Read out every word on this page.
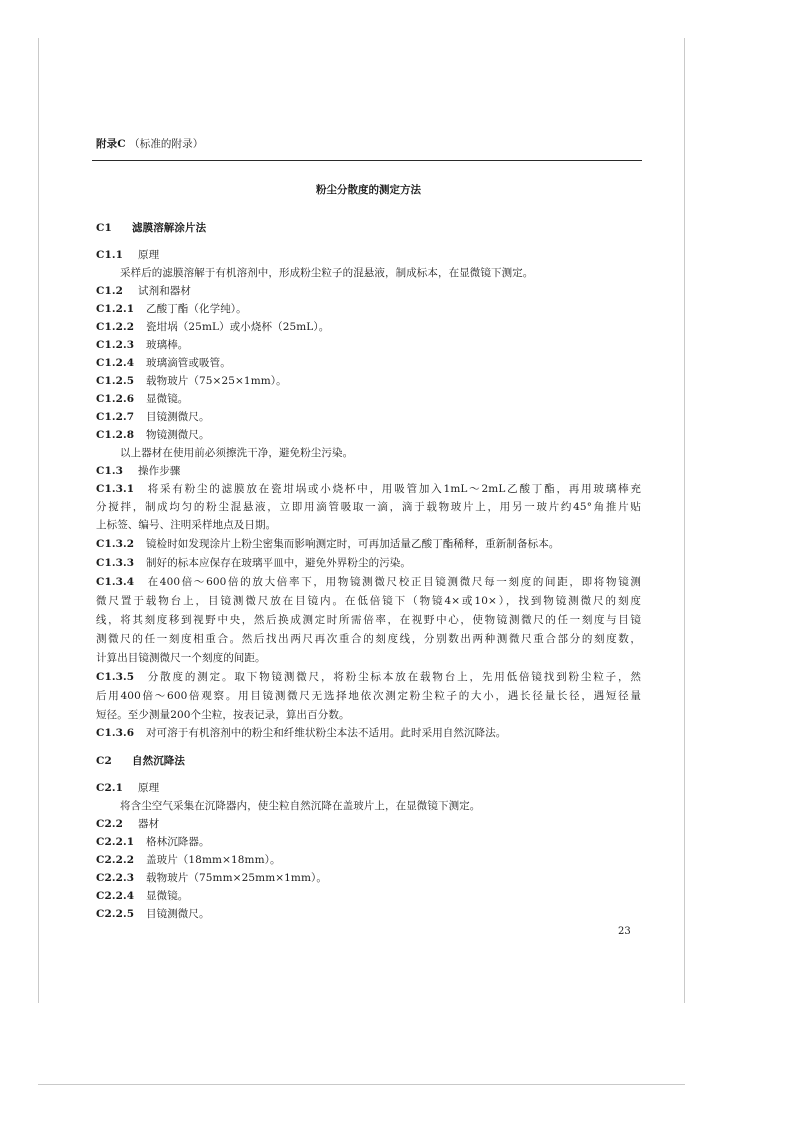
附录C （标准的附录）
粉尘分散度的测定方法
C1 滤膜溶解涂片法
C1.1 原理
采样后的滤膜溶解于有机溶剂中，形成粉尘粒子的混悬液，制成标本，在显微镜下测定。
C1.2 试剂和器材
C1.2.1 乙酸丁酯（化学纯）。
C1.2.2 瓷坩埚（25mL）或小烧杯（25mL）。
C1.2.3 玻璃棒。
C1.2.4 玻璃滴管或吸管。
C1.2.5 载物玻片（75×25×1mm）。
C1.2.6 显微镜。
C1.2.7 目镜测微尺。
C1.2.8 物镜测微尺。
以上器材在使用前必须擦洗干净，避免粉尘污染。
C1.3 操作步骤
C1.3.1 将采有粉尘的滤膜放在瓷坩埚或小烧杯中，用吸管加入1mL～2mL乙酸丁酯，再用玻璃棒充
分搅拌，制成均匀的粉尘混悬液，立即用滴管吸取一滴，滴于载物玻片上，用另一玻片约45°角推片贴
上标签、编号、注明采样地点及日期。
C1.3.2 镜检时如发现涂片上粉尘密集而影响测定时，可再加适量乙酸丁酯稀释，重新制备标本。
C1.3.3 制好的标本应保存在玻璃平皿中，避免外界粉尘的污染。
C1.3.4 在400倍～600倍的放大倍率下，用物镜测微尺校正目镜测微尺每一刻度的间距，即将物镜测
微尺置于载物台上，目镜测微尺放在目镜内。在低倍镜下（物镜4×或10×），找到物镜测微尺的刻度
线，将其刻度移到视野中央，然后换成测定时所需倍率，在视野中心，使物镜测微尺的任一刻度与目镜
测微尺的任一刻度相重合。然后找出两尺再次重合的刻度线，分别数出两种测微尺重合部分的刻度数，
计算出目镜测微尺一个刻度的间距。
C1.3.5 分散度的测定。取下物镜测微尺，将粉尘标本放在载物台上，先用低倍镜找到粉尘粒子，然
后用400倍～600倍观察。用目镜测微尺无选择地依次测定粉尘粒子的大小，遇长径量长径，遇短径量
短径。至少测量200个尘粒，按表记录，算出百分数。
C1.3.6 对可溶于有机溶剂中的粉尘和纤维状粉尘本法不适用。此时采用自然沉降法。
C2 自然沉降法
C2.1 原理
将含尘空气采集在沉降器内，使尘粒自然沉降在盖玻片上，在显微镜下测定。
C2.2 器材
C2.2.1 格林沉降器。
C2.2.2 盖玻片（18mm×18mm）。
C2.2.3 载物玻片（75mm×25mm×1mm）。
C2.2.4 显微镜。
C2.2.5 目镜测微尺。
23
